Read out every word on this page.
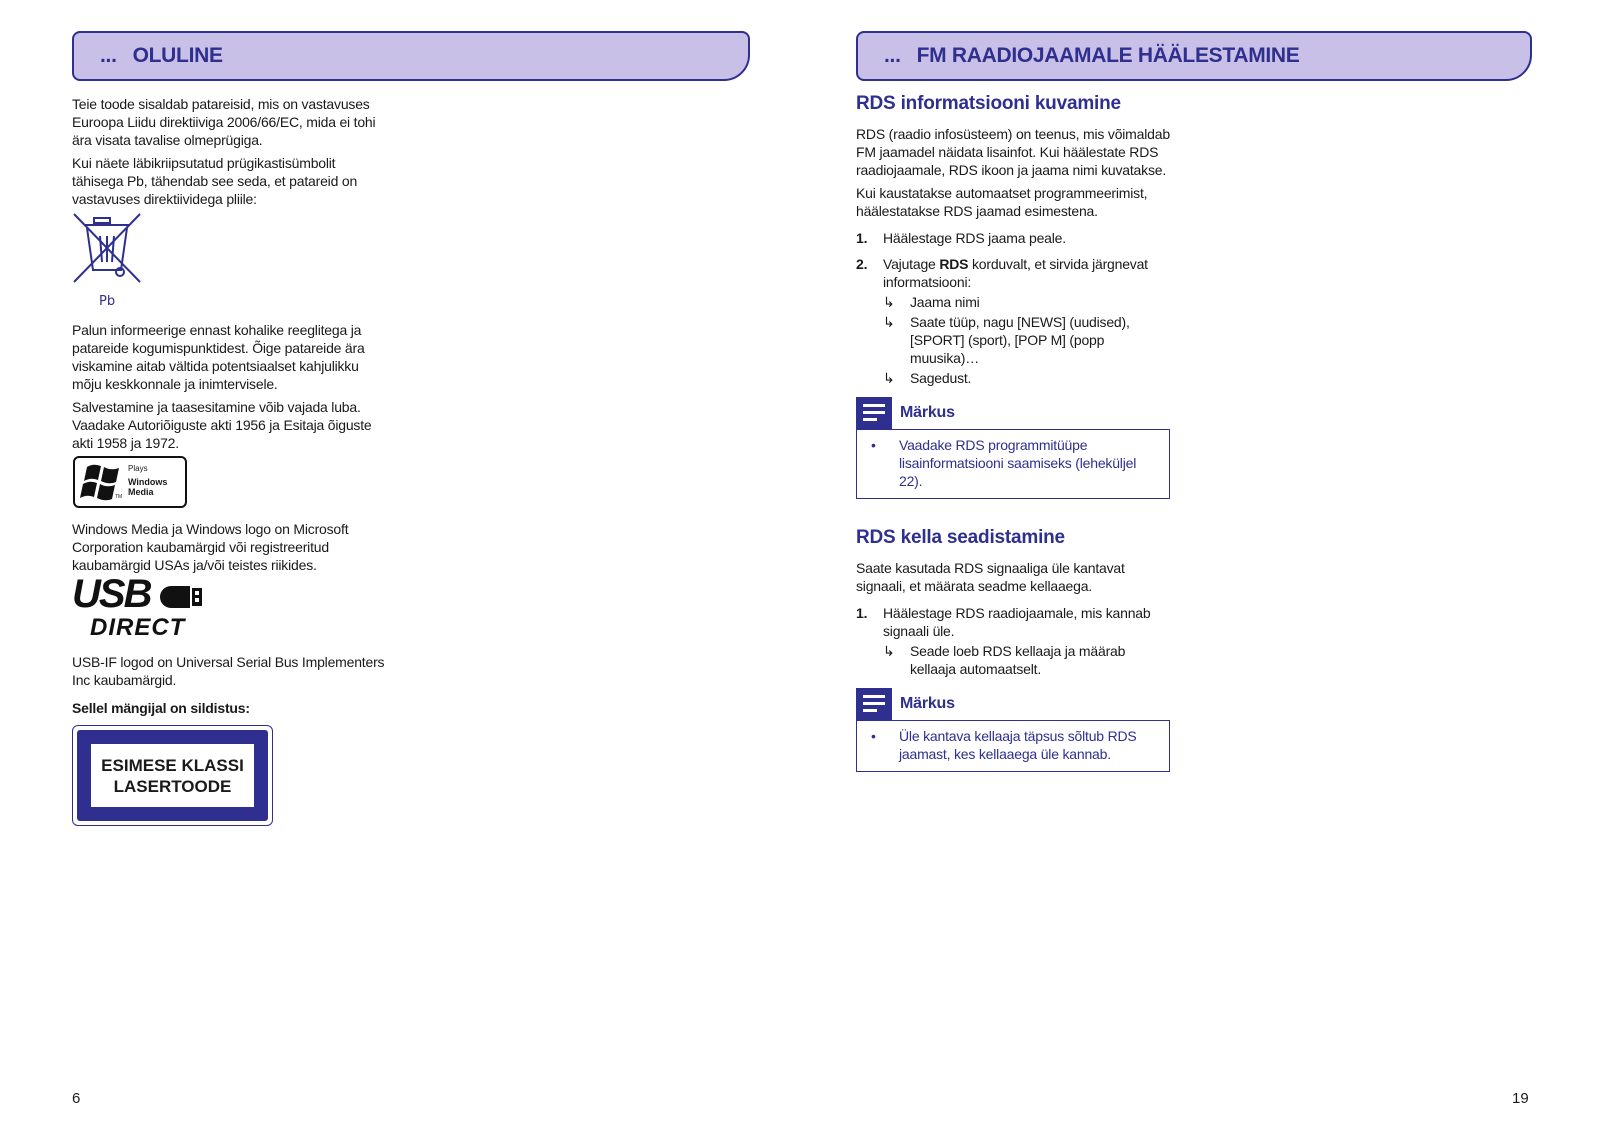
... OLULINE

Teie toode sisaldab patareisid, mis on vastavuses Euroopa Liidu direktiiviga 2006/66/EC, mida ei tohi ära visata tavalise olmeprügiga.

Kui näete läbikriipsutatud prügikastisümbolit tähisega Pb, tähendab see seda, et patareid on vastavuses direktiividega pliile:

Pb

Palun informeerige ennast kohalike reeglitega ja patareide kogumispunktidest. Õige patareide ära viskamine aitab vältida potentsiaalset kahjulikku mõju keskkonnale ja inimtervisele.

Salvestamine ja taasesitamine võib vajada luba. Vaadake Autoriõiguste akti 1956 ja Esitaja õiguste akti 1958 ja 1972.

TM
Plays
Windows
Media

Windows Media ja Windows logo on Microsoft Corporation kaubamärgid või registreeritud kaubamärgid USAs ja/või teistes riikides.

USB
DIRECT

USB-IF logod on Universal Serial Bus Implementers Inc kaubamärgid.

Sellel mängijal on sildistus:

ESIMESE KLASSI
LASERTOODE
6
... FM RAADIOJAAMALE HÄÄLESTAMINE
RDS informatsiooni kuvamine

RDS (raadio infosüsteem) on teenus, mis võimaldab FM jaamadel näidata lisainfot. Kui häälestate RDS raadiojaamale, RDS ikoon ja jaama nimi kuvatakse.

Kui kaustatakse automaatset programmeerimist, häälestatakse RDS jaamad esimestena.

1.	Häälestage RDS jaama peale.
2.	Vajutage RDS korduvalt, et sirvida järgnevat informatsiooni:
↳	Jaama nimi
↳	Saate tüüp, nagu [NEWS] (uudised), [SPORT] (sport), [POP M] (popp muusika)…
↳	Sagedust.
Märkus
•	Vaadake RDS programmitüüpe lisainformatsiooni saamiseks (leheküljel 22).
RDS kella seadistamine

Saate kasutada RDS signaaliga üle kantavat signaali, et määrata seadme kellaaega.

1.	Häälestage RDS raadiojaamale, mis kannab signaali üle.
↳	Seade loeb RDS kellaaja ja määrab kellaaja automaatselt.
Märkus
•	Üle kantava kellaaja täpsus sõltub RDS jaamast, kes kellaaega üle kannab.
19
